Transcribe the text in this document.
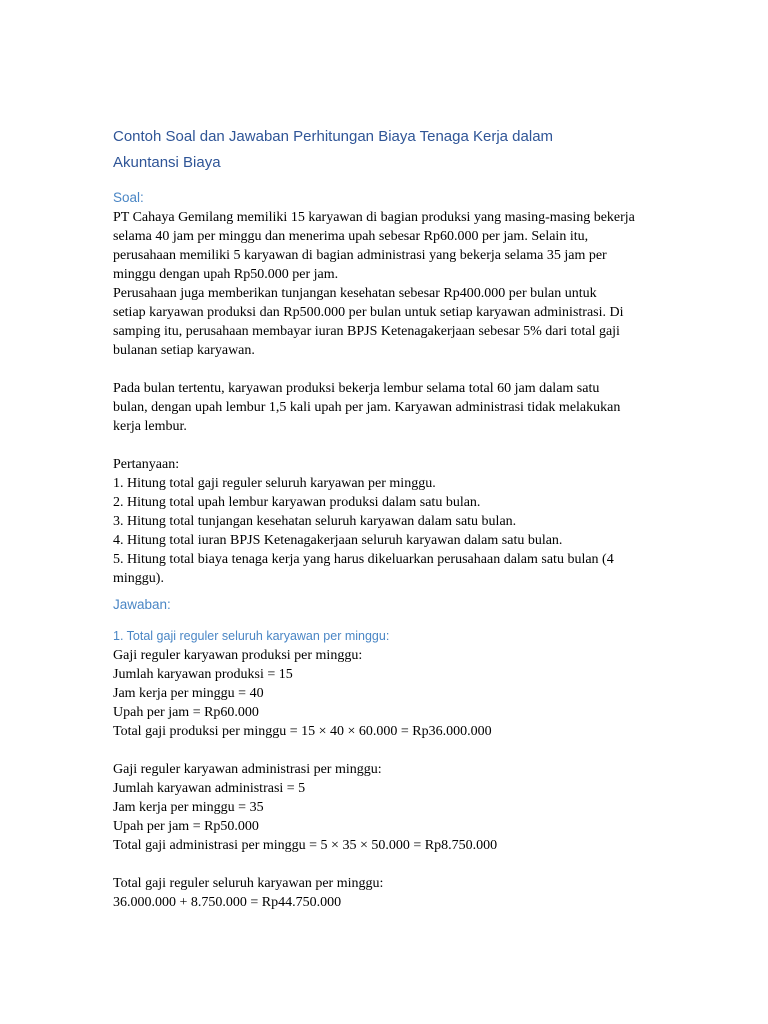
Contoh Soal dan Jawaban Perhitungan Biaya Tenaga Kerja dalam
Akuntansi Biaya
Soal:
PT Cahaya Gemilang memiliki 15 karyawan di bagian produksi yang masing-masing bekerja
selama 40 jam per minggu dan menerima upah sebesar Rp60.000 per jam. Selain itu,
perusahaan memiliki 5 karyawan di bagian administrasi yang bekerja selama 35 jam per
minggu dengan upah Rp50.000 per jam.
Perusahaan juga memberikan tunjangan kesehatan sebesar Rp400.000 per bulan untuk
setiap karyawan produksi dan Rp500.000 per bulan untuk setiap karyawan administrasi. Di
samping itu, perusahaan membayar iuran BPJS Ketenagakerjaan sebesar 5% dari total gaji
bulanan setiap karyawan.
Pada bulan tertentu, karyawan produksi bekerja lembur selama total 60 jam dalam satu
bulan, dengan upah lembur 1,5 kali upah per jam. Karyawan administrasi tidak melakukan
kerja lembur.
Pertanyaan:
1. Hitung total gaji reguler seluruh karyawan per minggu.
2. Hitung total upah lembur karyawan produksi dalam satu bulan.
3. Hitung total tunjangan kesehatan seluruh karyawan dalam satu bulan.
4. Hitung total iuran BPJS Ketenagakerjaan seluruh karyawan dalam satu bulan.
5. Hitung total biaya tenaga kerja yang harus dikeluarkan perusahaan dalam satu bulan (4
minggu).
Jawaban:
1. Total gaji reguler seluruh karyawan per minggu:
Gaji reguler karyawan produksi per minggu:
Jumlah karyawan produksi = 15
Jam kerja per minggu = 40
Upah per jam = Rp60.000
Total gaji produksi per minggu = 15 × 40 × 60.000 = Rp36.000.000
Gaji reguler karyawan administrasi per minggu:
Jumlah karyawan administrasi = 5
Jam kerja per minggu = 35
Upah per jam = Rp50.000
Total gaji administrasi per minggu = 5 × 35 × 50.000 = Rp8.750.000
Total gaji reguler seluruh karyawan per minggu:
36.000.000 + 8.750.000 = Rp44.750.000
